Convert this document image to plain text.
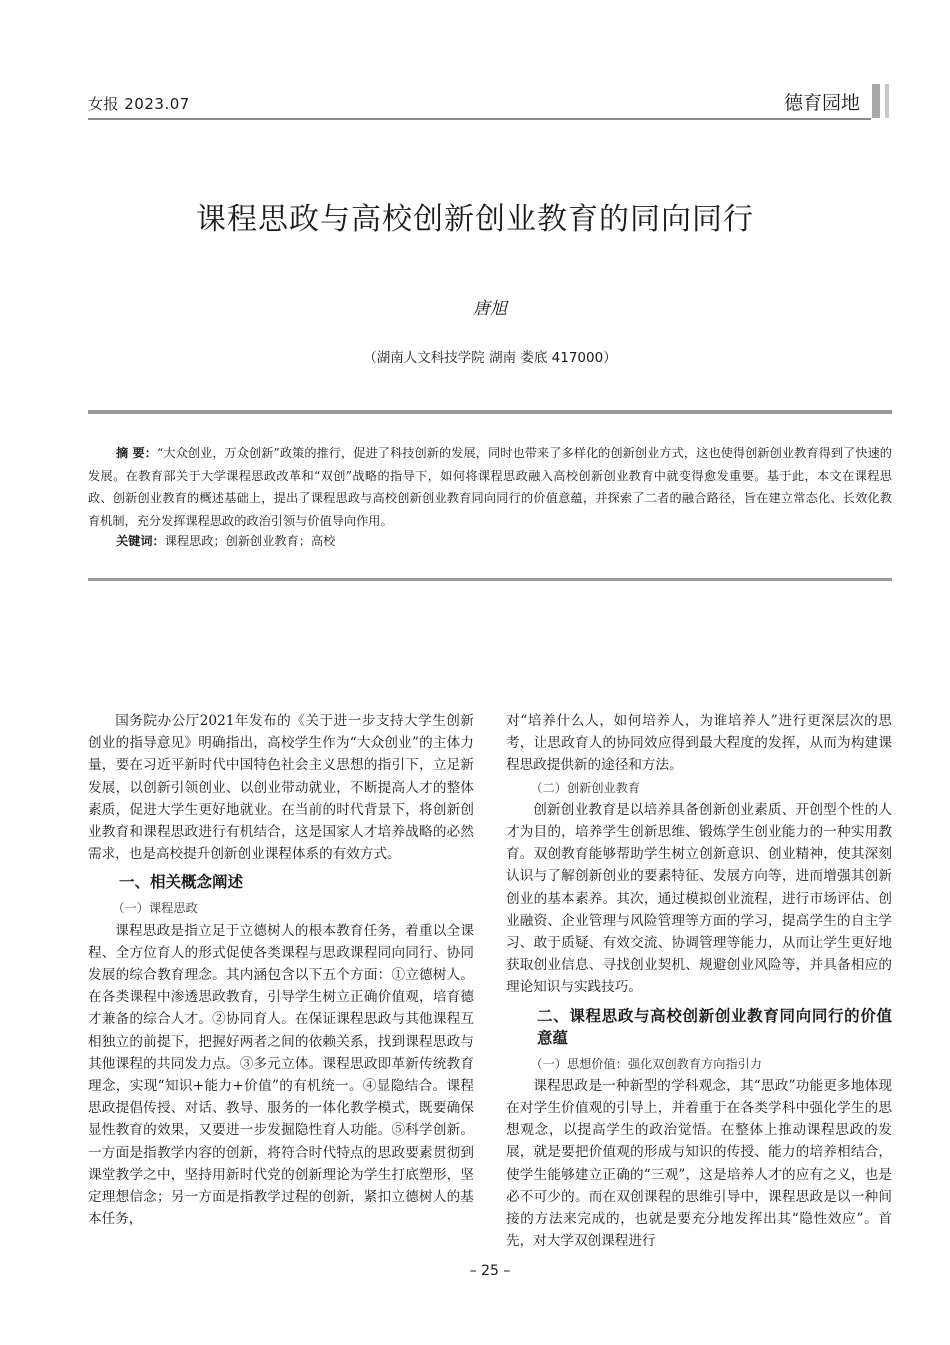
女报 2023.07	德育园地
课程思政与高校创新创业教育的同向同行
唐旭
（湖南人文科技学院 湖南 娄底 417000）
摘 要：“大众创业，万众创新”政策的推行，促进了科技创新的发展，同时也带来了多样化的创新创业方式，这也使得创新创业教育得到了快速的发展。在教育部关于大学课程思政改革和“双创”战略的指导下，如何将课程思政融入高校创新创业教育中就变得愈发重要。基于此，本文在课程思政、创新创业教育的概述基础上，提出了课程思政与高校创新创业教育同向同行的价值意蕴，并探索了二者的融合路径，旨在建立常态化、长效化教育机制，充分发挥课程思政的政治引领与价值导向作用。
关键词：课程思政；创新创业教育；高校

国务院办公厅2021年发布的《关于进一步支持大学生创新创业的指导意见》明确指出，高校学生作为“大众创业”的主体力量，要在习近平新时代中国特色社会主义思想的指引下，立足新发展，以创新引领创业、以创业带动就业，不断提高人才的整体素质，促进大学生更好地就业。在当前的时代背景下，将创新创业教育和课程思政进行有机结合，这是国家人才培养战略的必然需求，也是高校提升创新创业课程体系的有效方式。

一、相关概念阐述

（一）课程思政

课程思政是指立足于立德树人的根本教育任务，着重以全课程、全方位育人的形式促使各类课程与思政课程同向同行、协同发展的综合教育理念。其内涵包含以下五个方面：①立德树人。在各类课程中渗透思政教育，引导学生树立正确价值观，培育德才兼备的综合人才。②协同育人。在保证课程思政与其他课程互相独立的前提下，把握好两者之间的依赖关系，找到课程思政与其他课程的共同发力点。③多元立体。课程思政即革新传统教育理念，实现“知识+能力+价值”的有机统一。④显隐结合。课程思政提倡传授、对话、教导、服务的一体化教学模式，既要确保显性教育的效果，又要进一步发掘隐性育人功能。⑤科学创新。一方面是指教学内容的创新，将符合时代特点的思政要素贯彻到课堂教学之中，坚持用新时代党的创新理论为学生打底塑形，坚定理想信念；另一方面是指教学过程的创新，紧扣立德树人的基本任务，

对“培养什么人，如何培养人，为谁培养人”进行更深层次的思考，让思政育人的协同效应得到最大程度的发挥，从而为构建课程思政提供新的途径和方法。

（二）创新创业教育

创新创业教育是以培养具备创新创业素质、开创型个性的人才为目的，培养学生创新思维、锻炼学生创业能力的一种实用教育。双创教育能够帮助学生树立创新意识、创业精神，使其深刻认识与了解创新创业的要素特征、发展方向等，进而增强其创新创业的基本素养。其次，通过模拟创业流程，进行市场评估、创业融资、企业管理与风险管理等方面的学习，提高学生的自主学习、敢于质疑、有效交流、协调管理等能力，从而让学生更好地获取创业信息、寻找创业契机、规避创业风险等，并具备相应的理论知识与实践技巧。

二、课程思政与高校创新创业教育同向同行的价值意蕴

（一）思想价值：强化双创教育方向指引力

课程思政是一种新型的学科观念，其“思政”功能更多地体现在对学生价值观的引导上，并着重于在各类学科中强化学生的思想观念，以提高学生的政治觉悟。在整体上推动课程思政的发展，就是要把价值观的形成与知识的传授、能力的培养相结合，使学生能够建立正确的“三观”，这是培养人才的应有之义，也是必不可少的。而在双创课程的思维引导中，课程思政是以一种间接的方法来完成的，也就是要充分地发挥出其“隐性效应”。首先，对大学双创课程进行

– 25 –
